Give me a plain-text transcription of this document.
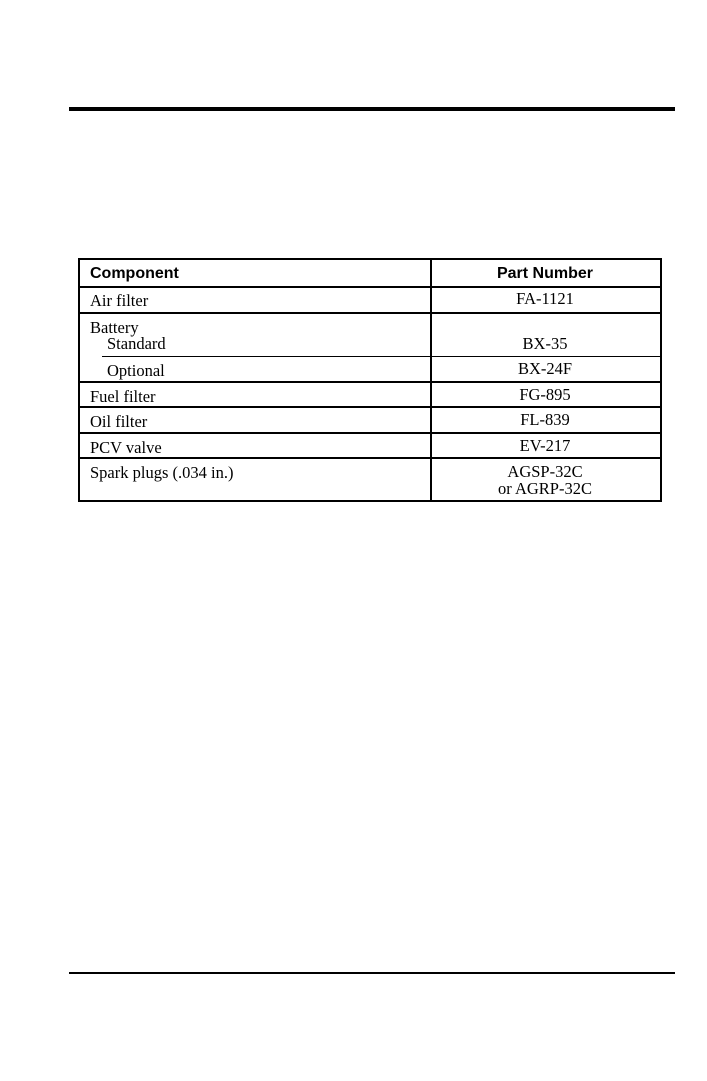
Component	Part Number
Air filter	FA-1121
Battery
Standard	BX-35
Optional	BX-24F
Fuel filter	FG-895
Oil filter	FL-839
PCV valve	EV-217
Spark plugs (.034 in.)	AGSP-32C
or AGRP-32C
